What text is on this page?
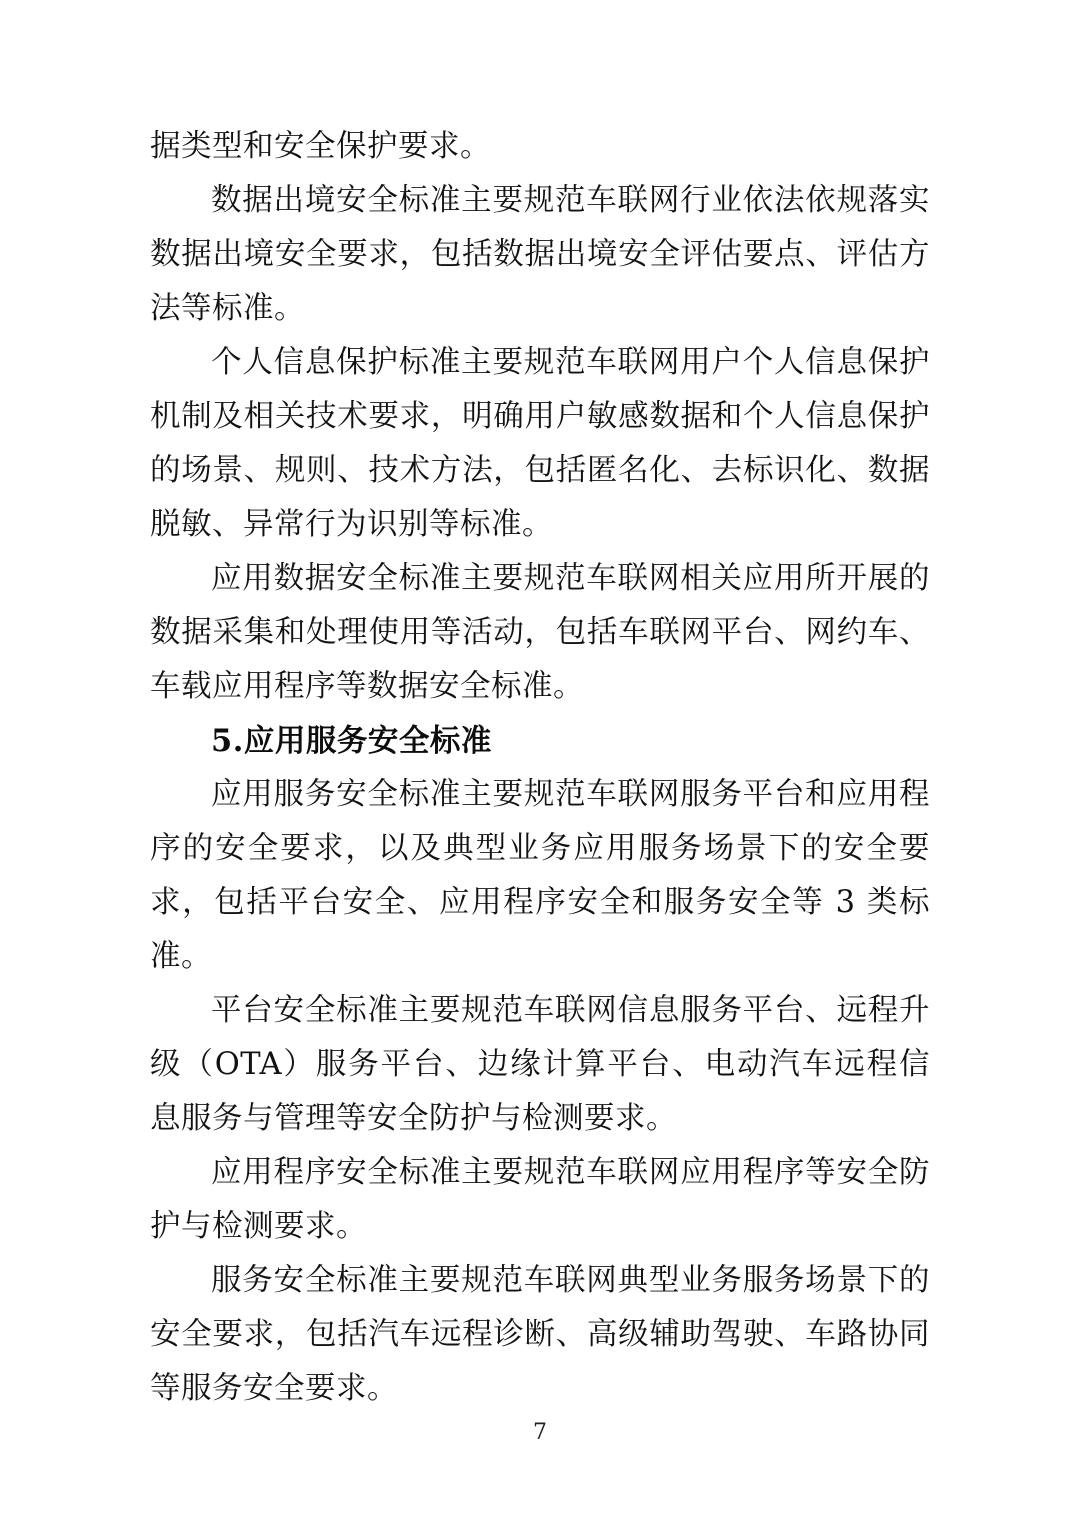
据类型和安全保护要求。

数据出境安全标准主要规范车联网行业依法依规落实数据出境安全要求，包括数据出境安全评估要点、评估方法等标准。

个人信息保护标准主要规范车联网用户个人信息保护机制及相关技术要求，明确用户敏感数据和个人信息保护的场景、规则、技术方法，包括匿名化、去标识化、数据脱敏、异常行为识别等标准。

应用数据安全标准主要规范车联网相关应用所开展的数据采集和处理使用等活动，包括车联网平台、网约车、车载应用程序等数据安全标准。

5.应用服务安全标准

应用服务安全标准主要规范车联网服务平台和应用程序的安全要求，以及典型业务应用服务场景下的安全要求，包括平台安全、应用程序安全和服务安全等 3 类标准。

平台安全标准主要规范车联网信息服务平台、远程升级（OTA）服务平台、边缘计算平台、电动汽车远程信息服务与管理等安全防护与检测要求。

应用程序安全标准主要规范车联网应用程序等安全防护与检测要求。

服务安全标准主要规范车联网典型业务服务场景下的安全要求，包括汽车远程诊断、高级辅助驾驶、车路协同等服务安全要求。

7
